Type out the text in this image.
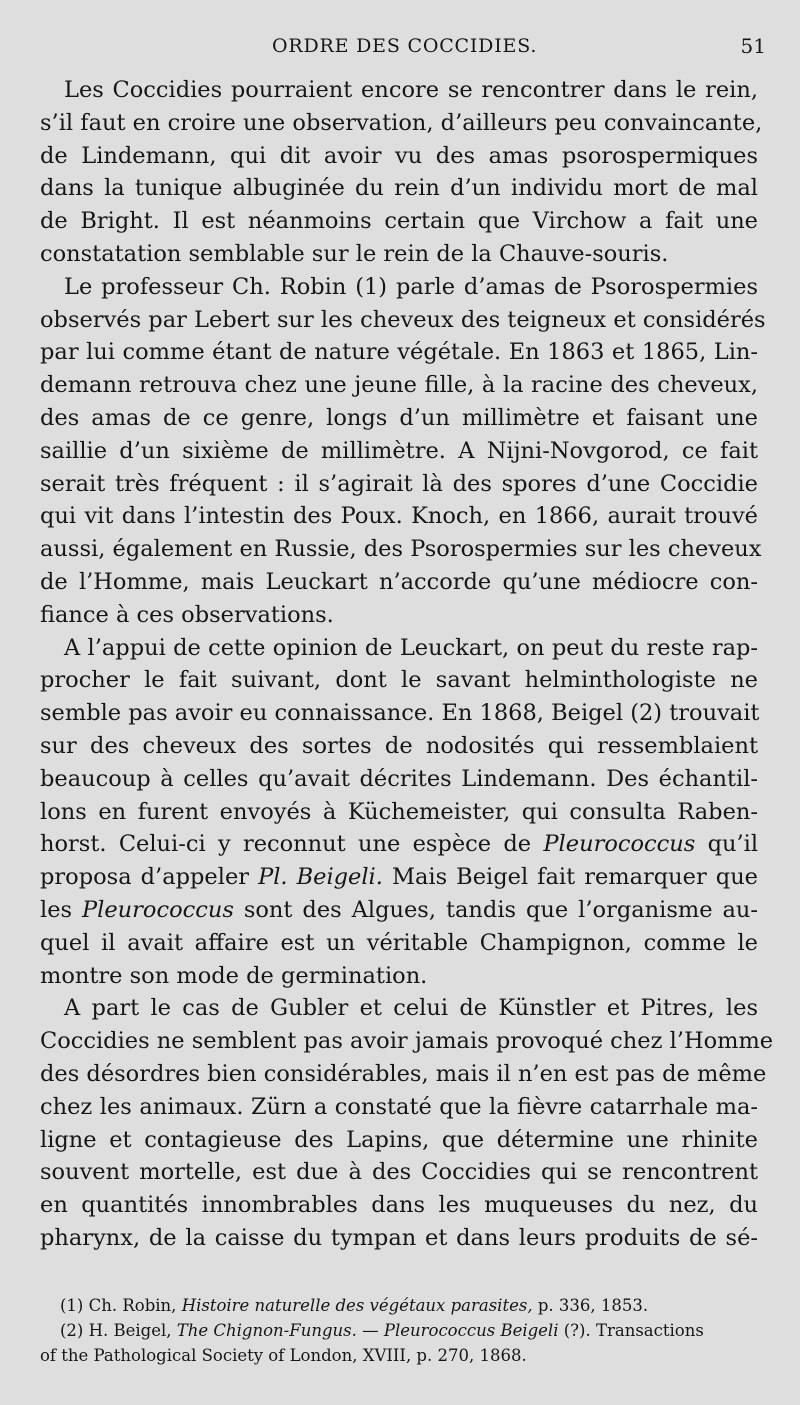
ORDRE DES COCCIDIES.	51
Les Coccidies pourraient encore se rencontrer dans le rein,
s’il faut en croire une observation, d’ailleurs peu convaincante,
de Lindemann, qui dit avoir vu des amas psorospermiques
dans la tunique albuginée du rein d’un individu mort de mal
de Bright. Il est néanmoins certain que Virchow a fait une
constatation semblable sur le rein de la Chauve-souris.
Le professeur Ch. Robin (1) parle d’amas de Psorospermies
observés par Lebert sur les cheveux des teigneux et considérés
par lui comme étant de nature végétale. En 1863 et 1865, Lin-
demann retrouva chez une jeune fille, à la racine des cheveux,
des amas de ce genre, longs d’un millimètre et faisant une
saillie d’un sixième de millimètre. A Nijni-Novgorod, ce fait
serait très fréquent : il s’agirait là des spores d’une Coccidie
qui vit dans l’intestin des Poux. Knoch, en 1866, aurait trouvé
aussi, également en Russie, des Psorospermies sur les cheveux
de l’Homme, mais Leuckart n’accorde qu’une médiocre con-
fiance à ces observations.
A l’appui de cette opinion de Leuckart, on peut du reste rap-
procher le fait suivant, dont le savant helminthologiste ne
semble pas avoir eu connaissance. En 1868, Beigel (2) trouvait
sur des cheveux des sortes de nodosités qui ressemblaient
beaucoup à celles qu’avait décrites Lindemann. Des échantil-
lons en furent envoyés à Küchemeister, qui consulta Raben-
horst. Celui-ci y reconnut une espèce de Pleurococcus qu’il
proposa d’appeler Pl. Beigeli. Mais Beigel fait remarquer que
les Pleurococcus sont des Algues, tandis que l’organisme au-
quel il avait affaire est un véritable Champignon, comme le
montre son mode de germination.
A part le cas de Gubler et celui de Künstler et Pitres, les
Coccidies ne semblent pas avoir jamais provoqué chez l’Homme
des désordres bien considérables, mais il n’en est pas de même
chez les animaux. Zürn a constaté que la fièvre catarrhale ma-
ligne et contagieuse des Lapins, que détermine une rhinite
souvent mortelle, est due à des Coccidies qui se rencontrent
en quantités innombrables dans les muqueuses du nez, du
pharynx, de la caisse du tympan et dans leurs produits de sé-
(1) Ch. Robin, Histoire naturelle des végétaux parasites, p. 336, 1853.
(2) H. Beigel, The Chignon-Fungus. — Pleurococcus Beigeli (?). Transactions
of the Pathological Society of London, XVIII, p. 270, 1868.
